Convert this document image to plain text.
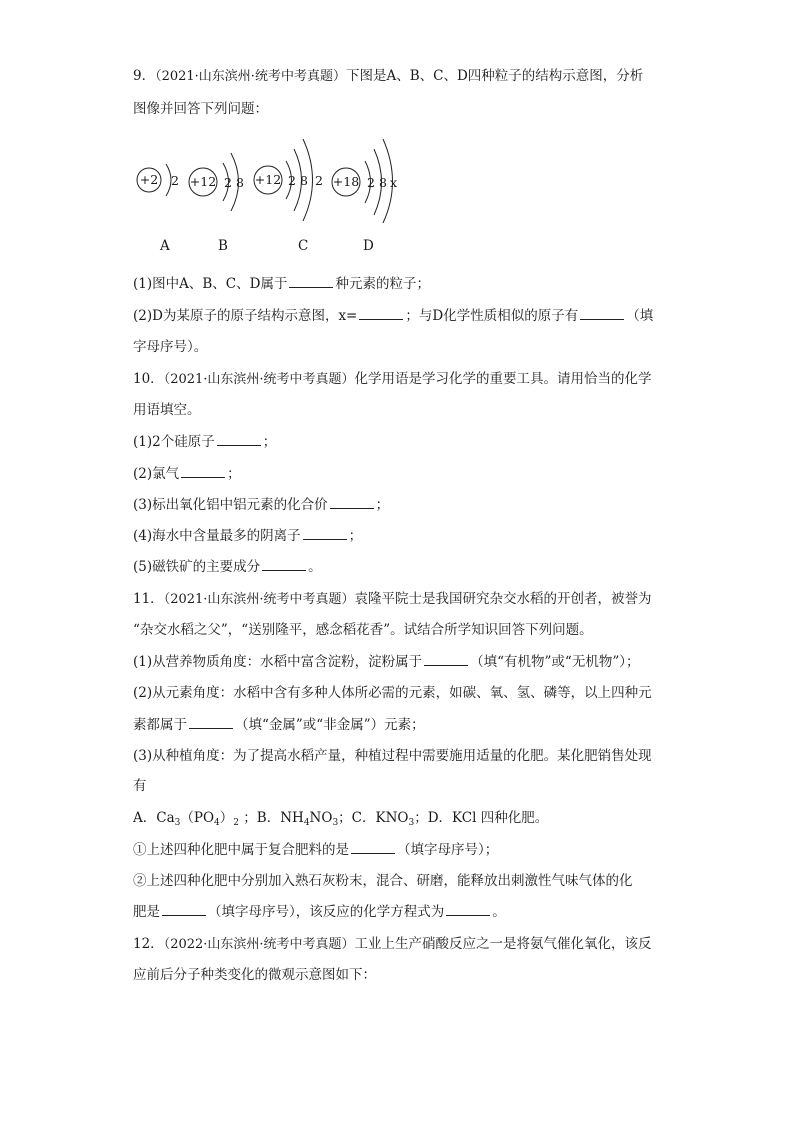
9．（2021·山东滨州·统考中考真题）下图是A、B、C、D四种粒子的结构示意图，分析
图像并回答下列问题：
+2 2 +12 2 8 +12 2 8 2 +18 2 8 x
A	B	C	D
(1)图中A、B、C、D属于	种元素的粒子；
(2)D为某原子的原子结构示意图，x=	；与D化学性质相似的原子有	（填
字母序号）。
10．（2021·山东滨州·统考中考真题）化学用语是学习化学的重要工具。请用恰当的化学
用语填空。
(1)2个硅原子	；
(2)氯气	；
(3)标出氧化铝中铝元素的化合价	；
(4)海水中含量最多的阴离子	；
(5)磁铁矿的主要成分	。
11．（2021·山东滨州·统考中考真题）袁隆平院士是我国研究杂交水稻的开创者，被誉为
“杂交水稻之父”，“送别隆平，感念稻花香”。试结合所学知识回答下列问题。
(1)从营养物质角度：水稻中富含淀粉，淀粉属于	（填“有机物”或“无机物”）；
(2)从元素角度：水稻中含有多种人体所必需的元素，如碳、氧、氢、磷等，以上四种元
素都属于	（填“金属”或“非金属”）元素；
(3)从种植角度：为了提高水稻产量，种植过程中需要施用适量的化肥。某化肥销售处现
有
A．$Ca_3(PO_4)_2$ ；B．$NH_4NO_3$；C．$KNO_3$；D．KCl 四种化肥。
①上述四种化肥中属于复合肥料的是	（填字母序号）；
②上述四种化肥中分别加入熟石灰粉末，混合、研磨，能释放出刺激性气味气体的化
肥是	（填字母序号），该反应的化学方程式为	。
12．（2022·山东滨州·统考中考真题）工业上生产硝酸反应之一是将氨气催化氧化，该反
应前后分子种类变化的微观示意图如下：
